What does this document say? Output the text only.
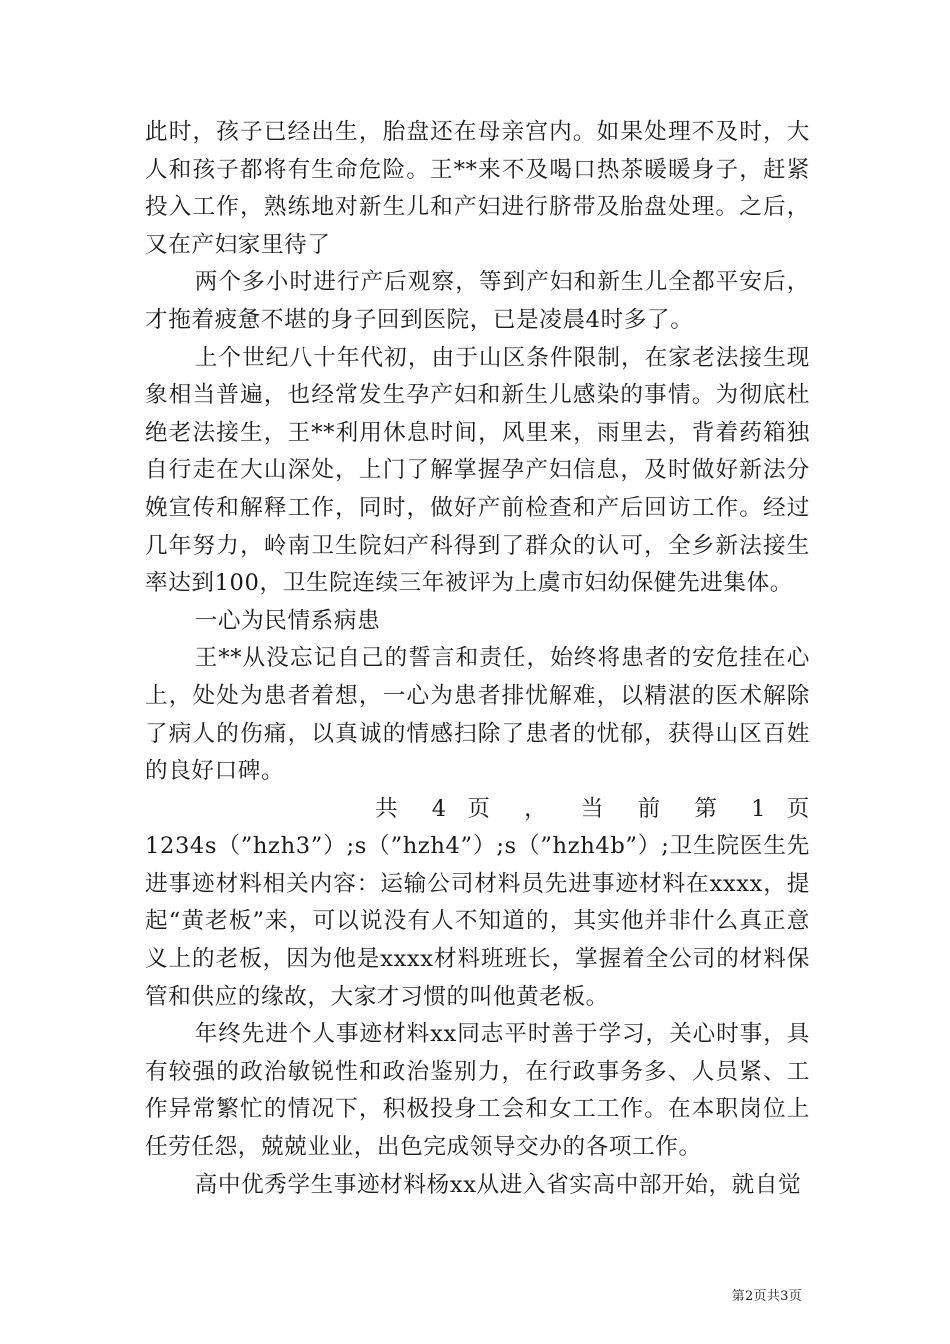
此时，孩子已经出生，胎盘还在母亲宫内。如果处理不及时，大人和孩子都将有生命危险。王**来不及喝口热茶暖暖身子，赶紧投入工作，熟练地对新生儿和产妇进行脐带及胎盘处理。之后，又在产妇家里待了

两个多小时进行产后观察，等到产妇和新生儿全都平安后，才拖着疲惫不堪的身子回到医院，已是凌晨4时多了。

上个世纪八十年代初，由于山区条件限制，在家老法接生现象相当普遍，也经常发生孕产妇和新生儿感染的事情。为彻底杜绝老法接生，王**利用休息时间，风里来，雨里去，背着药箱独自行走在大山深处，上门了解掌握孕产妇信息，及时做好新法分娩宣传和解释工作，同时，做好产前检查和产后回访工作。经过几年努力，岭南卫生院妇产科得到了群众的认可，全乡新法接生率达到100，卫生院连续三年被评为上虞市妇幼保健先进集体。

一心为民情系病患

王**从没忘记自己的誓言和责任，始终将患者的安危挂在心上，处处为患者着想，一心为患者排忧解难，以精湛的医术解除了病人的伤痛，以真诚的情感扫除了患者的忧郁，获得山区百姓的良好口碑。

共 4 页 ， 当 前 第 1 页

1234s（”hzh3”）;s（”hzh4”）;s（”hzh4b”）;卫生院医生先进事迹材料相关内容：运输公司材料员先进事迹材料在xxxx，提起“黄老板”来，可以说没有人不知道的，其实他并非什么真正意义上的老板，因为他是xxxx材料班班长，掌握着全公司的材料保管和供应的缘故，大家才习惯的叫他黄老板。

年终先进个人事迹材料xx同志平时善于学习，关心时事，具有较强的政治敏锐性和政治鉴别力，在行政事务多、人员紧、工作异常繁忙的情况下，积极投身工会和女工工作。在本职岗位上任劳任怨，兢兢业业，出色完成领导交办的各项工作。

高中优秀学生事迹材料杨xx从进入省实高中部开始，就自觉

第2页共3页
